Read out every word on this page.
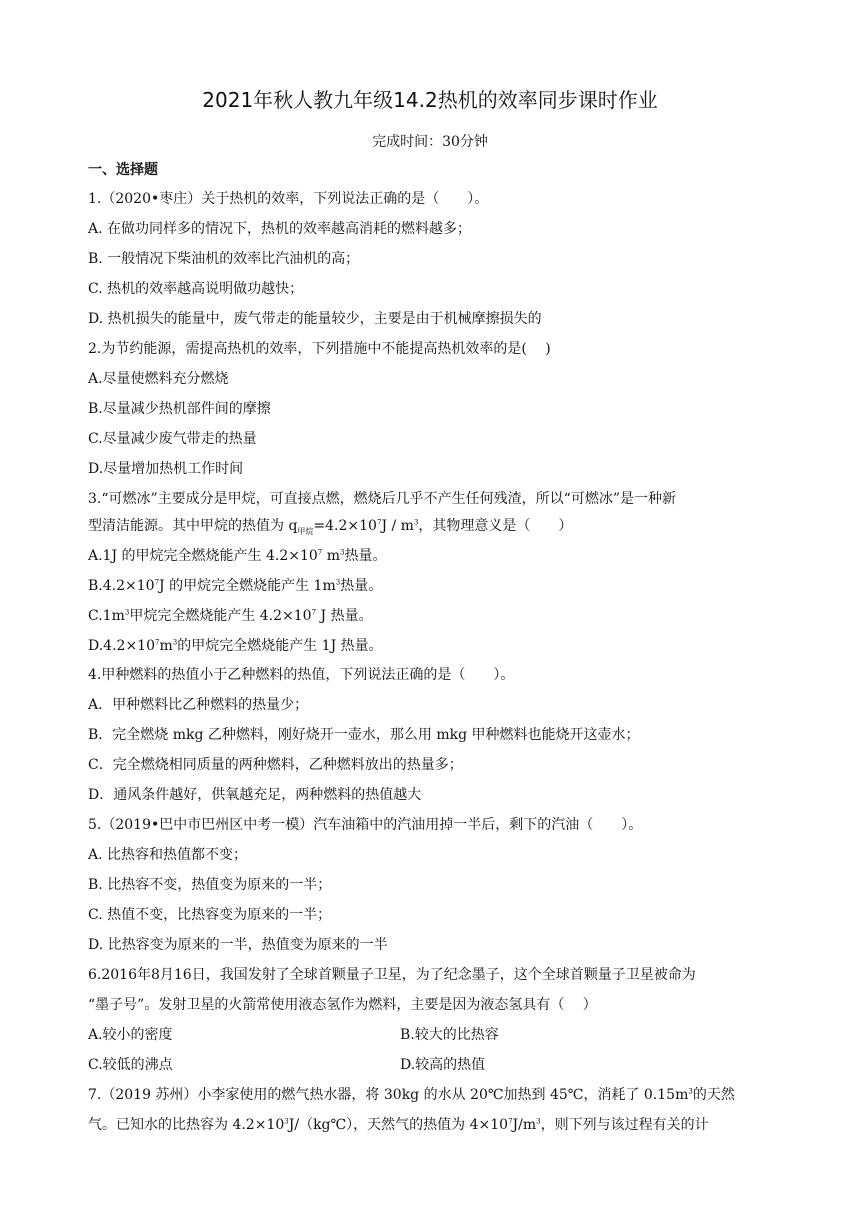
2021年秋人教九年级14.2热机的效率同步课时作业
完成时间：30分钟
一、选择题
1.（2020•枣庄）关于热机的效率，下列说法正确的是（　　）。
A. 在做功同样多的情况下，热机的效率越高消耗的燃料越多；
B. 一般情况下柴油机的效率比汽油机的高；
C. 热机的效率越高说明做功越快；
D. 热机损失的能量中，废气带走的能量较少，主要是由于机械摩擦损失的
2.为节约能源，需提高热机的效率，下列措施中不能提高热机效率的是(　 )
A.尽量使燃料充分燃烧
B.尽量减少热机部件间的摩擦
C.尽量减少废气带走的热量
D.尽量增加热机工作时间
3.“可燃冰”主要成分是甲烷，可直接点燃，燃烧后几乎不产生任何残渣，所以“可燃冰”是一种新
型清洁能源。其中甲烷的热值为 $q_{甲烷}=4.2\times 10^7J / m^3$，其物理意义是（　　）
A.1J 的甲烷完全燃烧能产生 $4.2\times 10^7$ $m^3$热量。
$B.4.2\times 10^7J$ 的甲烷完全燃烧能产生 $1m^3$热量。
$C.1m^3$甲烷完全燃烧能产生 $4.2\times 10^7$ J 热量。
$D.4.2\times 10^7m^3$的甲烷完全燃烧能产生 1J 热量。
4.甲种燃料的热值小于乙种燃料的热值，下列说法正确的是（　　）。
A．甲种燃料比乙种燃料的热量少；
B．完全燃烧 mkg 乙种燃料，刚好烧开一壶水，那么用 mkg 甲种燃料也能烧开这壶水；
C．完全燃烧相同质量的两种燃料，乙种燃料放出的热量多；
D．通风条件越好，供氧越充足，两种燃料的热值越大
5.（2019•巴中市巴州区中考一模）汽车油箱中的汽油用掉一半后，剩下的汽油（　　）。
A. 比热容和热值都不变；
B. 比热容不变，热值变为原来的一半；
C. 热值不变，比热容变为原来的一半；
D. 比热容变为原来的一半，热值变为原来的一半
6.2016年8月16日，我国发射了全球首颗量子卫星，为了纪念墨子，这个全球首颗量子卫星被命为
“墨子号”。发射卫星的火箭常使用液态氢作为燃料，主要是因为液态氢具有（　 ）
A.较小的密度	B.较大的比热容
C.较低的沸点	D.较高的热值
7.（2019 苏州）小李家使用的燃气热水器，将 30kg 的水从 20℃加热到 45℃，消耗了 $0.15m^3$的天然
气。已知水的比热容为 $4.2\times 10^3J/(kg℃)$，天然气的热值为 $4\times 10^7J/m^3$，则下列与该过程有关的计
